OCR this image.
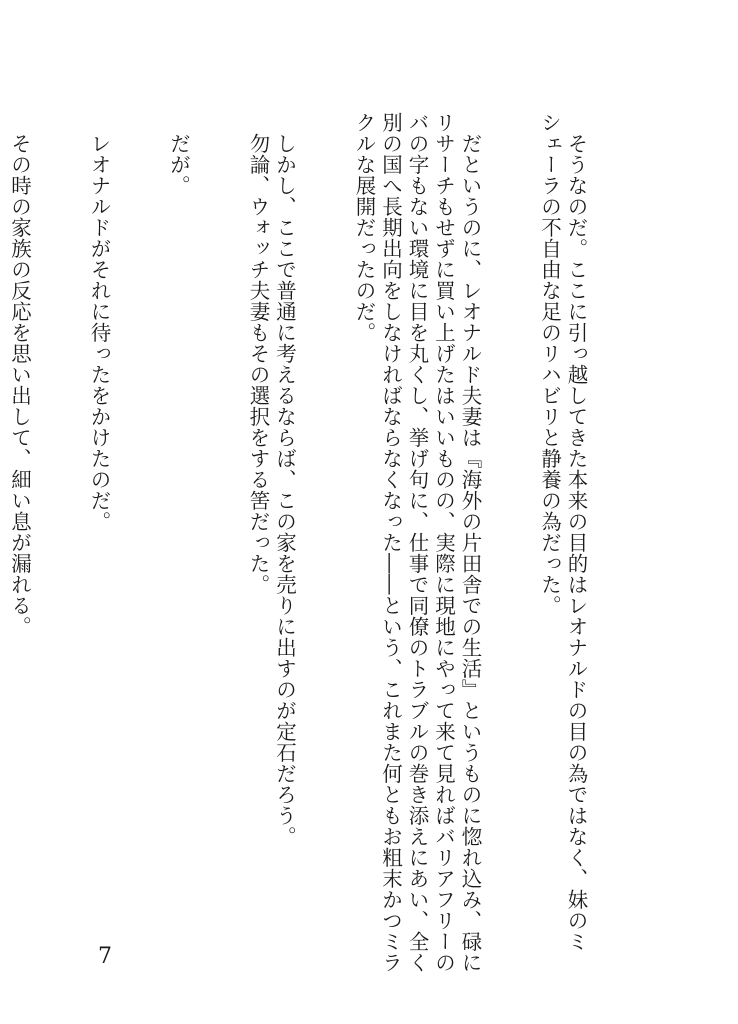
　そうなのだ。ここに引っ越してきた本来の目的はレオナルドの目の為ではなく、妹のミ
シェーラの不自由な足のリハビリと静養の為だった。

　だというのに、レオナルド夫妻は『海外の片田舎での生活』というものに惚れ込み、碌に
リサーチもせずに買い上げたはいいものの、実際に現地にやって来て見ればバリアフリーの
バの字もない環境に目を丸くし、挙げ句に、仕事で同僚のトラブルの巻き添えにあい、全く
別の国へ長期出向をしなければならなくなった――という、これまた何ともお粗末かつミラ
クルな展開だったのだ。

　しかし、ここで普通に考えるならば、この家を売りに出すのが定石だろう。
　勿論、ウォッチ夫妻もその選択をする筈だった。

　だが。

　レオナルドがそれに待ったをかけたのだ。

　その時の家族の反応を思い出して、細い息が漏れる。

7
